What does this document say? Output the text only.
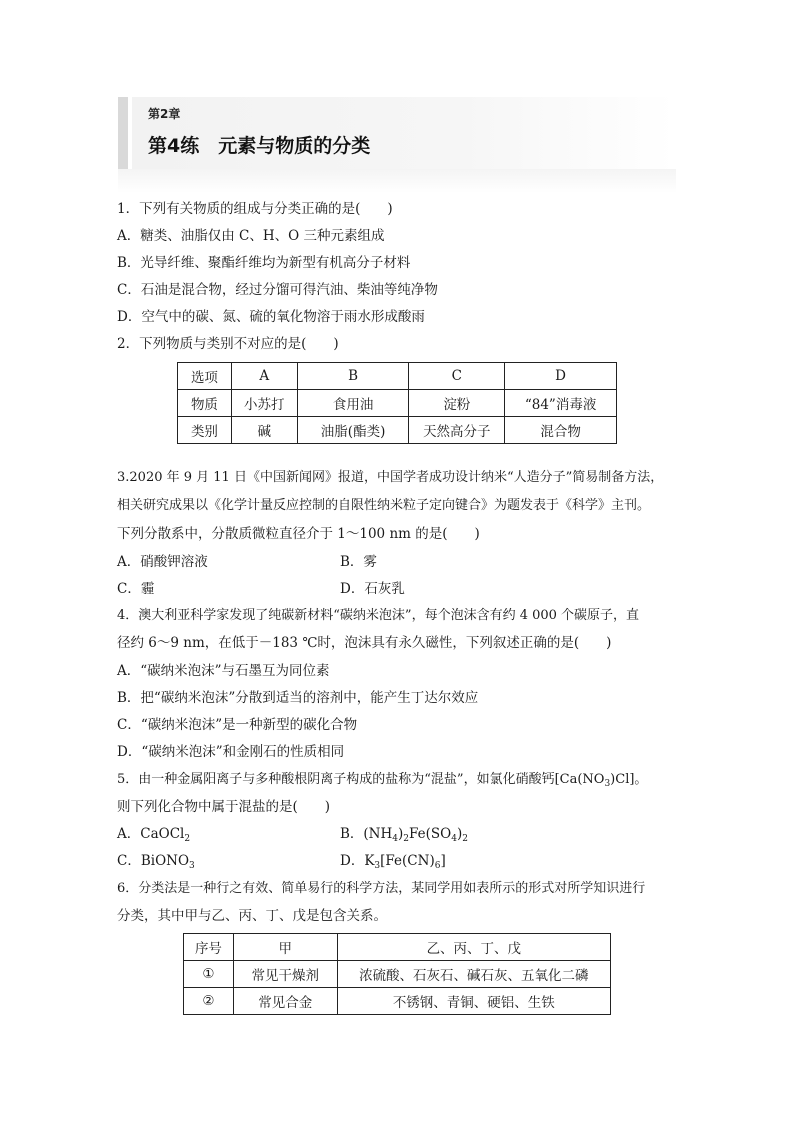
第2章
第4练　元素与物质的分类
1．下列有关物质的组成与分类正确的是(　　)
A．糖类、油脂仅由 C、H、O 三种元素组成
B．光导纤维、聚酯纤维均为新型有机高分子材料
C．石油是混合物，经过分馏可得汽油、柴油等纯净物
D．空气中的碳、氮、硫的氧化物溶于雨水形成酸雨
2．下列物质与类别不对应的是(　　)
选项	A	B	C	D
物质	小苏打	食用油	淀粉	“84”消毒液
类别	碱	油脂(酯类)	天然高分子	混合物
3.2020 年 9 月 11 日《中国新闻网》报道，中国学者成功设计纳米“人造分子”简易制备方法，
相关研究成果以《化学计量反应控制的自限性纳米粒子定向键合》为题发表于《科学》主刊。
下列分散系中，分散质微粒直径介于 1～100 nm 的是(　　)
A．硝酸钾溶液	B．雾
C．霾	D．石灰乳
4．澳大利亚科学家发现了纯碳新材料“碳纳米泡沫”，每个泡沫含有约 4 000 个碳原子，直
径约 6～9 nm，在低于－183 ℃时，泡沫具有永久磁性，下列叙述正确的是(　　)
A．“碳纳米泡沫”与石墨互为同位素
B．把“碳纳米泡沫”分散到适当的溶剂中，能产生丁达尔效应
C．“碳纳米泡沫”是一种新型的碳化合物
D．“碳纳米泡沫”和金刚石的性质相同
5．由一种金属阳离子与多种酸根阴离子构成的盐称为“混盐”，如氯化硝酸钙$[Ca(NO_3)Cl]$。
则下列化合物中属于混盐的是(　　)
A．CaOCl$_2$	B．$(NH_4)_2Fe(SO_4)_2$
C．BiONO$_3$	D．$K_3[Fe(CN)_6]$
6．分类法是一种行之有效、简单易行的科学方法，某同学用如表所示的形式对所学知识进行
分类，其中甲与乙、丙、丁、戊是包含关系。
序号	甲	乙、丙、丁、戊
①	常见干燥剂	浓硫酸、石灰石、碱石灰、五氧化二磷
②	常见合金	不锈钢、青铜、硬铝、生铁
